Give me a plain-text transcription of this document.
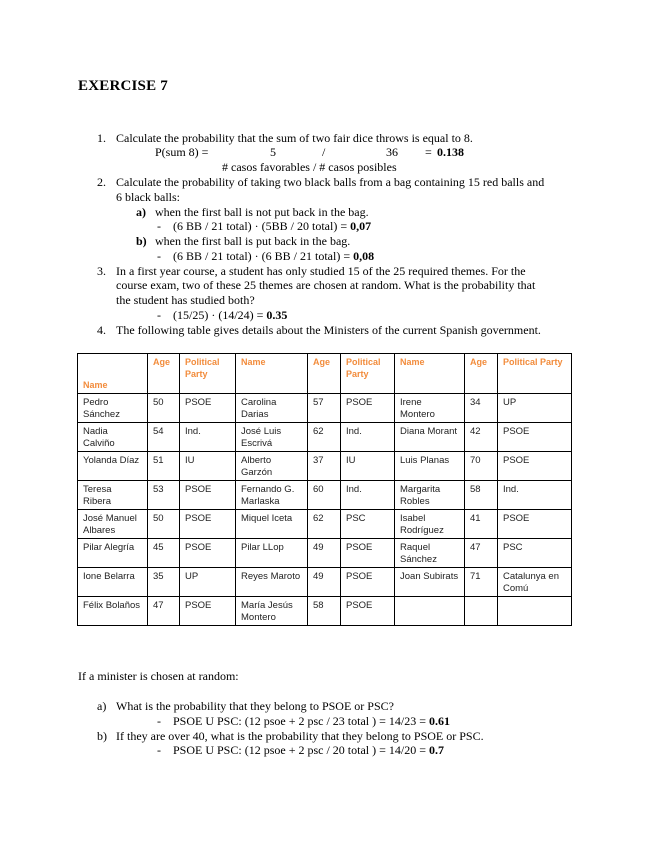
EXERCISE 7
1. Calculate the probability that the sum of two fair dice throws is equal to 8.
P(sum 8) =	5	/	36 = 0.138
# casos favorables / # casos posibles
2. Calculate the probability of taking two black balls from a bag containing 15 red balls and
6 black balls:
a) when the first ball is not put back in the bag.
- (6 BB / 21 total) · (5BB / 20 total) = 0,07
b) when the first ball is put back in the bag.
- (6 BB / 21 total) · (6 BB / 21 total) = 0,08
3. In a first year course, a student has only studied 15 of the 25 required themes. For the
course exam, two of these 25 themes are chosen at random. What is the probability that
the student has studied both?
- (15/25) · (14/24) = 0.35
4. The following table gives details about the Ministers of the current Spanish government.
Name	Age	Political Party	Name	Age	Political Party	Name	Age	Political Party
Pedro Sánchez	50	PSOE	Carolina Darias	57	PSOE	Irene Montero	34	UP
Nadia Calviño	54	Ind.	José Luis Escrivá	62	Ind.	Diana Morant	42	PSOE
Yolanda Díaz	51	IU	Alberto Garzón	37	IU	Luis Planas	70	PSOE
Teresa Ribera	53	PSOE	Fernando G. Marlaska	60	Ind.	Margarita Robles	58	Ind.
José Manuel Albares	50	PSOE	Miquel Iceta	62	PSC	Isabel Rodríguez	41	PSOE
Pilar Alegría	45	PSOE	Pilar LLop	49	PSOE	Raquel Sánchez	47	PSC
Ione Belarra	35	UP	Reyes Maroto	49	PSOE	Joan Subirats	71	Catalunya en Comú
Félix Bolaños	47	PSOE	María Jesús Montero	58	PSOE			
If a minister is chosen at random:
a) What is the probability that they belong to PSOE or PSC?
- PSOE U PSC: (12 psoe + 2 psc / 23 total ) = 14/23 = 0.61
b) If they are over 40, what is the probability that they belong to PSOE or PSC.
- PSOE U PSC: (12 psoe + 2 psc / 20 total ) = 14/20 = 0.7
